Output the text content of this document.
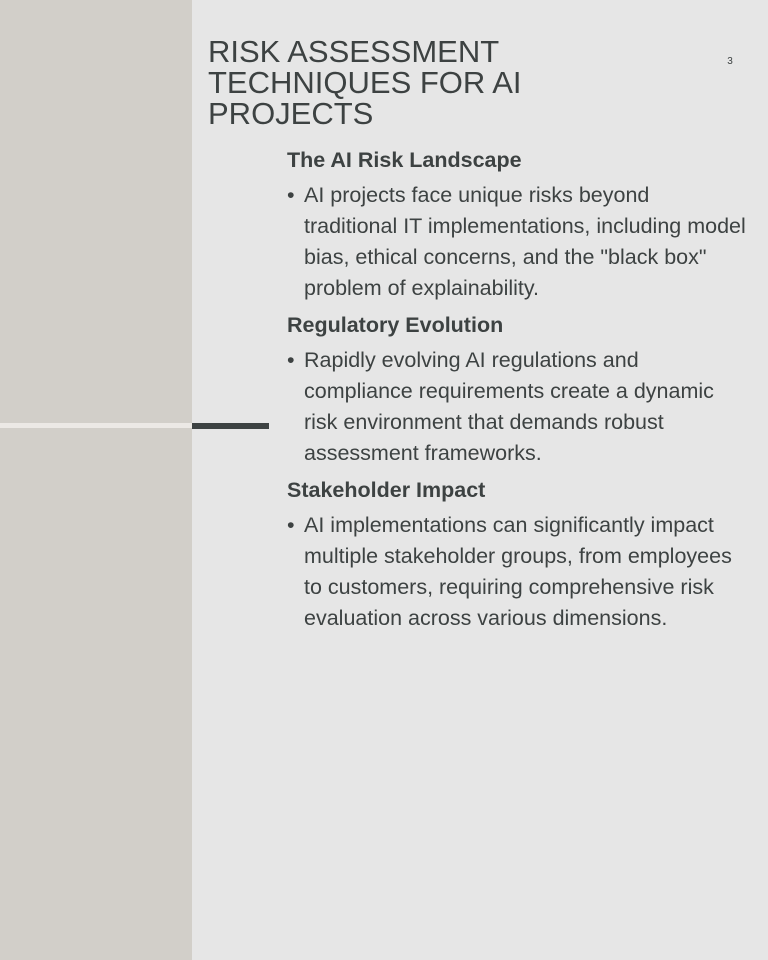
RISK ASSESSMENT
TECHNIQUES FOR AI
PROJECTS
3
The AI Risk Landscape
• AI projects face unique risks beyond traditional IT implementations, including model bias, ethical concerns, and the "black box" problem of explainability.
Regulatory Evolution
• Rapidly evolving AI regulations and compliance requirements create a dynamic risk environment that demands robust assessment frameworks.
Stakeholder Impact
• AI implementations can significantly impact multiple stakeholder groups, from employees to customers, requiring comprehensive risk evaluation across various dimensions.
